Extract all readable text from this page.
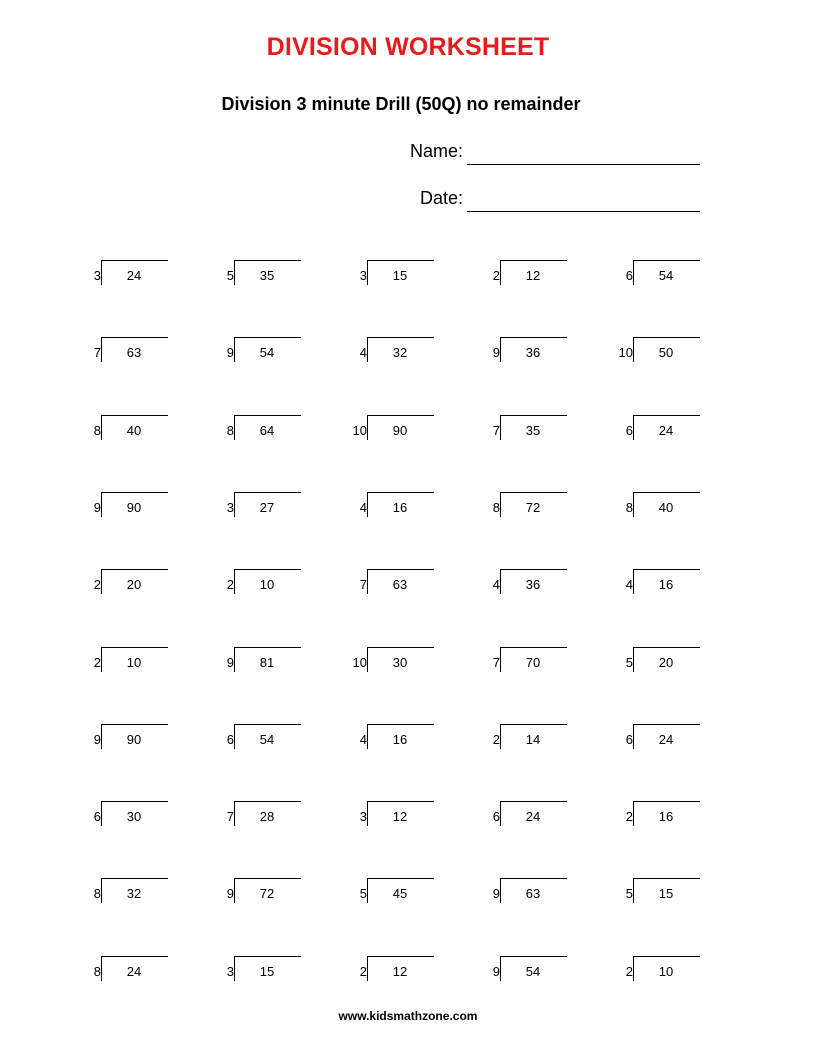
DIVISION WORKSHEET
Division 3 minute Drill (50Q) no remainder
Name:
Date:
3	24	5	35	3	15	2	12	6	54
7	63	9	54	4	32	9	36	10	50
8	40	8	64	10	90	7	35	6	24
9	90	3	27	4	16	8	72	8	40
2	20	2	10	7	63	4	36	4	16
2	10	9	81	10	30	7	70	5	20
9	90	6	54	4	16	2	14	6	24
6	30	7	28	3	12	6	24	2	16
8	32	9	72	5	45	9	63	5	15
8	24	3	15	2	12	9	54	2	10
www.kidsmathzone.com
